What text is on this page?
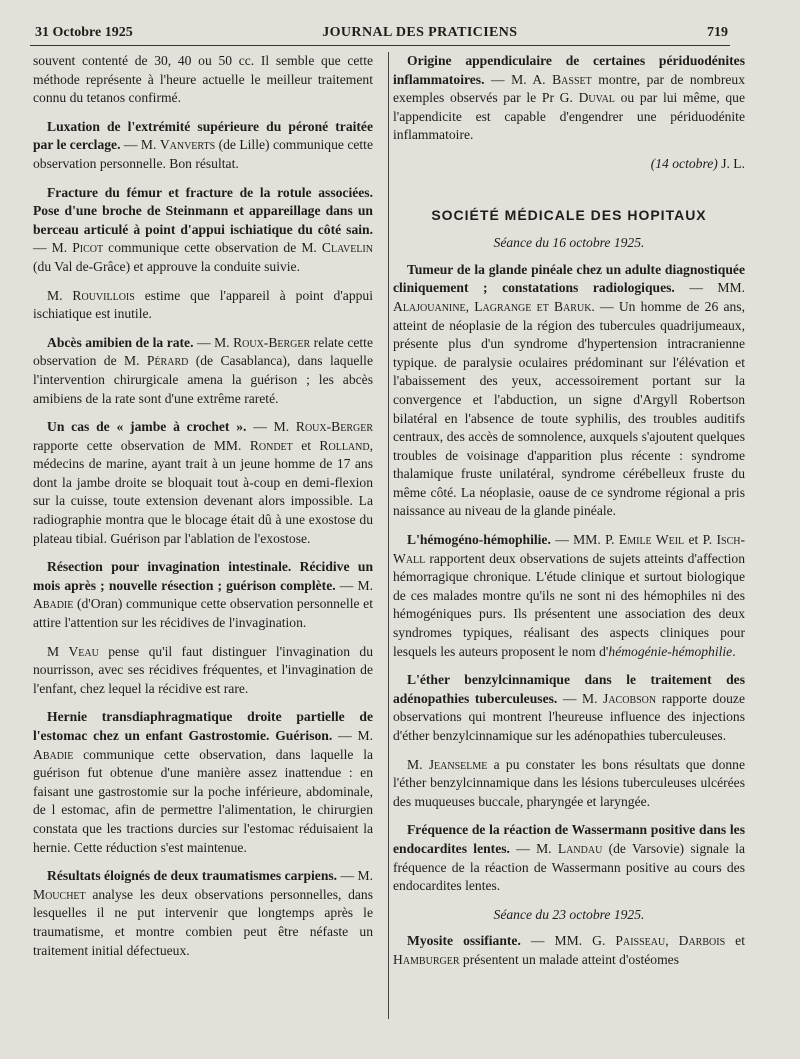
31 Octobre 1925	JOURNAL DES PRATICIENS	719

souvent contenté de 30, 40 ou 50 cc. Il semble que cette méthode représente à l'heure actuelle le meilleur traitement connu du tetanos confirmé.

Luxation de l'extrémité supérieure du péroné traitée par le cerclage. — M. Vanverts (de Lille) communique cette observation personnelle. Bon résultat.

Fracture du fémur et fracture de la rotule associées. Pose d'une broche de Steinmann et appareillage dans un berceau articulé à point d'appui ischiatique du côté sain. — M. Picot communique cette observation de M. Clavelin (du Val de-Grâce) et approuve la conduite suivie.

M. Rouvillois estime que l'appareil à point d'appui ischiatique est inutile.

Abcès amibien de la rate. — M. Roux-Berger relate cette observation de M. Pérard (de Casablanca), dans laquelle l'intervention chirurgicale amena la guérison ; les abcès amibiens de la rate sont d'une extrême rareté.

Un cas de « jambe à crochet ». — M. Roux-Berger rapporte cette observation de MM. Rondet et Rolland, médecins de marine, ayant trait à un jeune homme de 17 ans dont la jambe droite se bloquait tout à-coup en demi-flexion sur la cuisse, toute extension devenant alors impossible. La radiographie montra que le blocage était dû à une exostose du plateau tibial. Guérison par l'ablation de l'exostose.

Résection pour invagination intestinale. Récidive un mois après ; nouvelle résection ; guérison complète. — M. Abadie (d'Oran) communique cette observation personnelle et attire l'attention sur les récidives de l'invagination.

M Veau pense qu'il faut distinguer l'invagination du nourrisson, avec ses récidives fréquentes, et l'invagination de l'enfant, chez lequel la récidive est rare.

Hernie transdiaphragmatique droite partielle de l'estomac chez un enfant Gastrostomie. Guérison. — M. Abadie communique cette observation, dans laquelle la guérison fut obtenue d'une manière assez inattendue : en faisant une gastrostomie sur la poche inférieure, abdominale, de l estomac, afin de permettre l'alimentation, le chirurgien constata que les tractions durcies sur l'estomac réduisaient la hernie. Cette réduction s'est maintenue.

Résultats éloignés de deux traumatismes carpiens. — M. Mouchet analyse les deux observations personnelles, dans lesquelles il ne put intervenir que longtemps après le traumatisme, et montre combien peut être néfaste un traitement initial défectueux.

Origine appendiculaire de certaines périduodénites inflammatoires. — M. A. Basset montre, par de nombreux exemples observés par le Pr G. Duval ou par lui même, que l'appendicite est capable d'engendrer une périduodénite inflammatoire.

(14 octobre) J. L.

SOCIÉTÉ MÉDICALE DES HOPITAUX
Séance du 16 octobre 1925.

Tumeur de la glande pinéale chez un adulte diagnostiquée cliniquement ; constatations radiologiques. — MM. Alajouanine, Lagrange et Baruk. — Un homme de 26 ans, atteint de néoplasie de la région des tubercules quadrijumeaux, présente plus d'un syndrome d'hypertension intracranienne typique. de paralysie oculaires prédominant sur l'élévation et l'abaissement des yeux, accessoirement portant sur la convergence et l'abduction, un signe d'Argyll Robertson bilatéral en l'absence de toute syphilis, des troubles auditifs centraux, des accès de somnolence, auxquels s'ajoutent quelques troubles de voisinage d'apparition plus récente : syndrome thalamique fruste unilatéral, syndrome cérébelleux fruste du même côté. La néoplasie, oause de ce syndrome régional a pris naissance au niveau de la glande pinéale.

L'hémogéno-hémophilie. — MM. P. Emile Weil et P. Isch-Wall rapportent deux observations de sujets atteints d'affection hémorragique chronique. L'étude clinique et surtout biologique de ces malades montre qu'ils ne sont ni des hémophiles ni des hémogéniques purs. Ils présentent une association des deux syndromes typiques, réalisant des aspects cliniques pour lesquels les auteurs proposent le nom d'hémogénie-hémophilie.

L'éther benzylcinnamique dans le traitement des adénopathies tuberculeuses. — M. Jacobson rapporte douze observations qui montrent l'heureuse influence des injections d'éther benzylcinnamique sur les adénopathies tuberculeuses.

M. Jeanselme a pu constater les bons résultats que donne l'éther benzylcinnamique dans les lésions tuberculeuses ulcérées des muqueuses buccale, pharyngée et laryngée.

Fréquence de la réaction de Wassermann positive dans les endocardites lentes. — M. Landau (de Varsovie) signale la fréquence de la réaction de Wassermann positive au cours des endocardites lentes.

Séance du 23 octobre 1925.

Myosite ossifiante. — MM. G. Paisseau, Darbois et Hamburger présentent un malade atteint d'ostéomes
